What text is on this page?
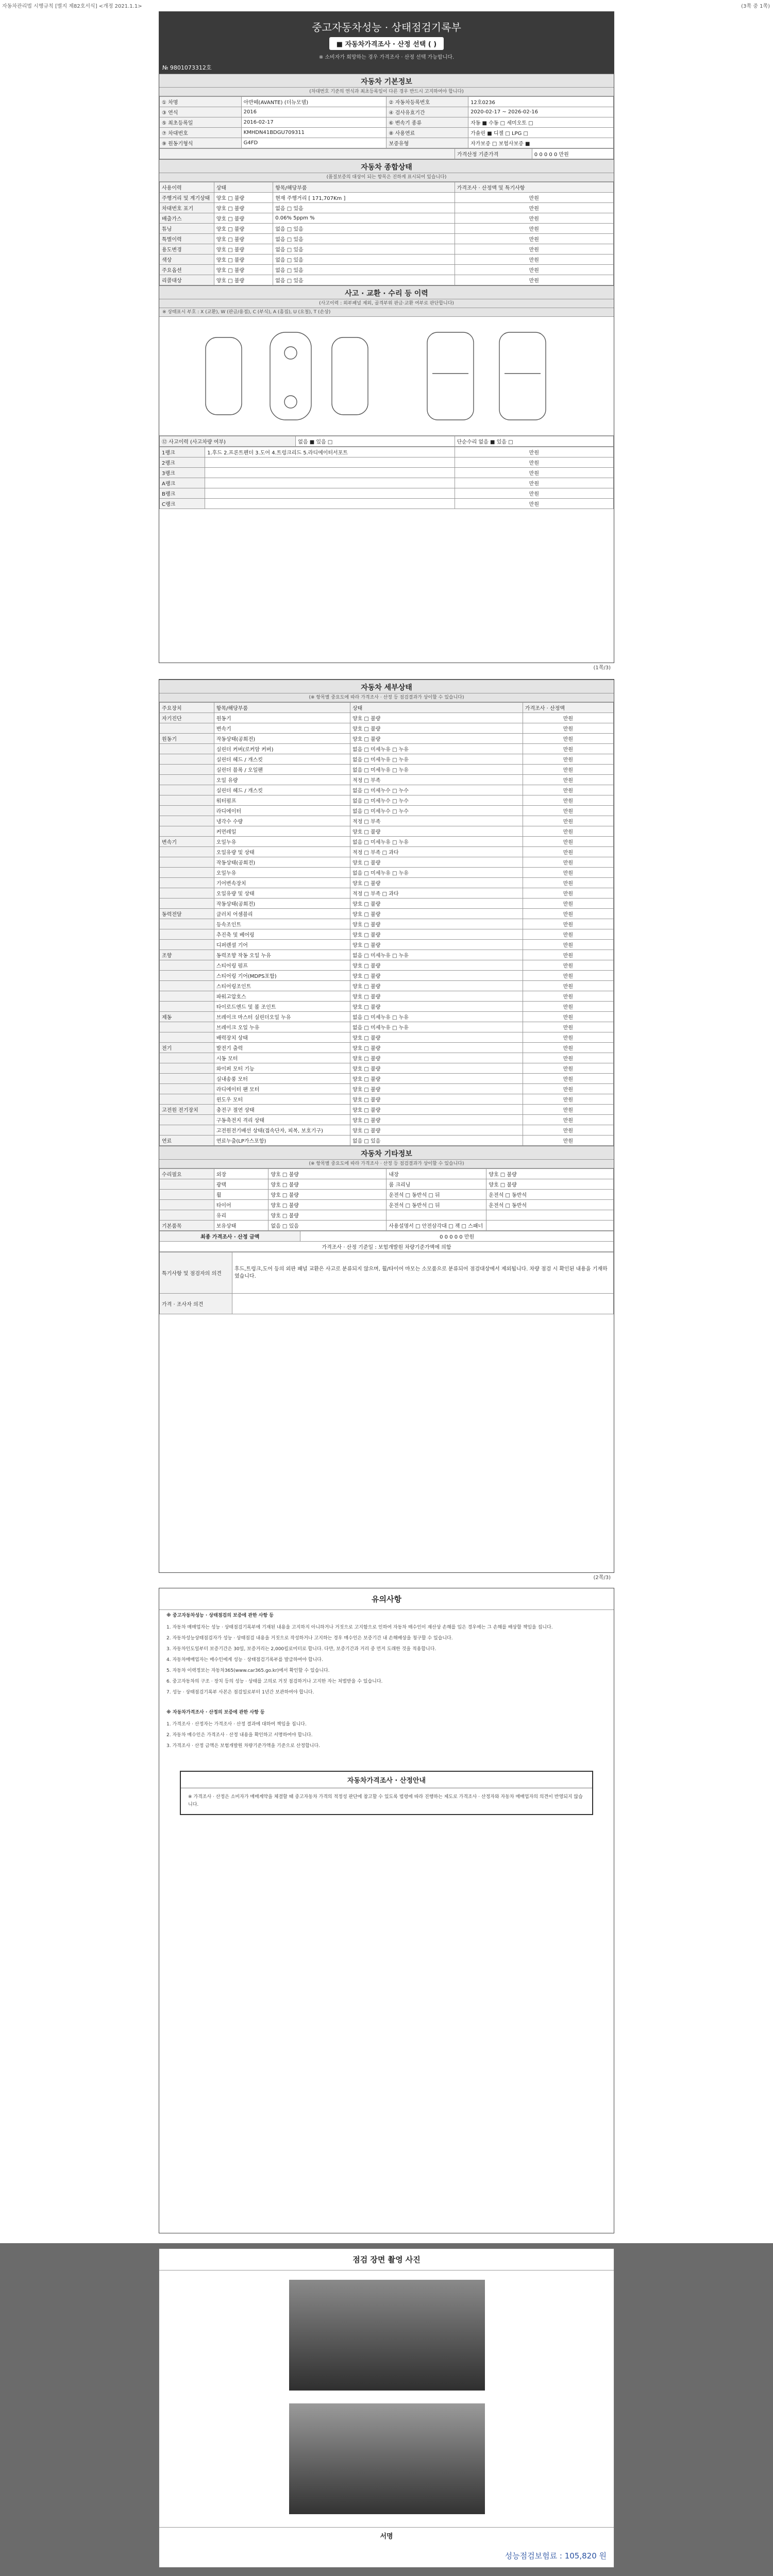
자동차관리법 시행규칙 [별지 제82호서식] <개정 2021.1.1>	(3쪽 중 1쪽)
중고자동차성능 · 상태점검기록부
■ 자동차가격조사 · 산정 선택 ( )
※ 소비자가 희망하는 경우 가격조사 · 산정 선택 가능합니다.
№ 9801073312호
자동차 기본정보
(차대번호 기준의 연식과 최초등록일이 다른 경우 반드시 고지하여야 합니다)
① 차명	아반떼(AVANTE) (더뉴모델)	② 자동차등록번호	12호0236
③ 연식	2016	④ 검사유효기간	2020-02-17 ~ 2026-02-16
⑤ 최초등록일	2016-02-17	⑥ 변속기 종류	자동 ■ 수동 □ 세미오토 □
⑦ 차대번호	KMHDN41BDGU709311	⑧ 사용연료	가솔린 ■ 디젤 □ LPG □
⑨ 원동기형식	G4FD	보증유형	자가보증 □ 보험사보증 ■
	가격산정 기준가격	0 0 0 0 0 만원
자동차 종합상태
(품질보증의 대상이 되는 항목은 진하게 표시되어 있습니다)
사용이력	상태	항목/해당부품	가격조사 · 산정액 및 특기사항
주행거리 및 계기상태	양호 □ 불량	현재 주행거리 [ 171,707Km ]	만원
차대번호 표기	양호 □ 불량	없음 □ 있음	만원
배출가스	양호 □ 불량	0.06% 5ppm %	만원
튜닝	양호 □ 불량	없음 □ 있음	만원
특별이력	양호 □ 불량	없음 □ 있음	만원
용도변경	양호 □ 불량	없음 □ 있음	만원
색상	양호 □ 불량	없음 □ 있음	만원
주요옵션	양호 □ 불량	없음 □ 있음	만원
리콜대상	양호 □ 불량	없음 □ 있음	만원
사고 · 교환 · 수리 등 이력
(사고이력 : 외부패널 제외, 골격부위 판금·교환 여부로 판단합니다)
※ 상태표시 부호 : X (교환), W (판금/용접), C (부식), A (흠집), U (요철), T (손상)
⑫ 사고이력 (사고차량 여부)	없음 ■ 있음 □	단순수리 없음 ■ 있음 □
1랭크	1.후드 2.프론트펜더 3.도어 4.트렁크리드 5.라디에이터서포트	만원
2랭크		만원
3랭크		만원
A랭크		만원
B랭크		만원
C랭크		만원
(1쪽/3)
자동차 세부상태
(※ 항목별 중요도에 따라 가격조사 · 산정 등 점검결과가 상이할 수 있습니다)
주요장치	항목/해당부품	상태	가격조사 · 산정액
자기진단	원동기	양호 □ 불량	만원
	변속기	양호 □ 불량	만원
원동기	작동상태(공회전)	양호 □ 불량	만원
	실린더 커버(로커암 커버)	없음 □ 미세누유 □ 누유	만원
	실린더 헤드 / 개스킷	없음 □ 미세누유 □ 누유	만원
	실린더 블록 / 오일팬	없음 □ 미세누유 □ 누유	만원
	오일 유량	적정 □ 부족	만원
	실린더 헤드 / 개스킷	없음 □ 미세누수 □ 누수	만원
	워터펌프	없음 □ 미세누수 □ 누수	만원
	라디에이터	없음 □ 미세누수 □ 누수	만원
	냉각수 수량	적정 □ 부족	만원
	커먼레일	양호 □ 불량	만원
변속기	오일누유	없음 □ 미세누유 □ 누유	만원
	오일유량 및 상태	적정 □ 부족 □ 과다	만원
	작동상태(공회전)	양호 □ 불량	만원
	오일누유	없음 □ 미세누유 □ 누유	만원
	기어변속장치	양호 □ 불량	만원
	오일유량 및 상태	적정 □ 부족 □ 과다	만원
	작동상태(공회전)	양호 □ 불량	만원
동력전달	클러치 어셈블리	양호 □ 불량	만원
	등속조인트	양호 □ 불량	만원
	추진축 및 베어링	양호 □ 불량	만원
	디퍼렌셜 기어	양호 □ 불량	만원
조향	동력조향 작동 오일 누유	없음 □ 미세누유 □ 누유	만원
	스티어링 펌프	양호 □ 불량	만원
	스티어링 기어(MDPS포함)	양호 □ 불량	만원
	스티어링조인트	양호 □ 불량	만원
	파워고압호스	양호 □ 불량	만원
	타이로드엔드 및 볼 조인트	양호 □ 불량	만원
제동	브레이크 마스터 실린더오일 누유	없음 □ 미세누유 □ 누유	만원
	브레이크 오일 누유	없음 □ 미세누유 □ 누유	만원
	배력장치 상태	양호 □ 불량	만원
전기	발전기 출력	양호 □ 불량	만원
	시동 모터	양호 □ 불량	만원
	와이퍼 모터 기능	양호 □ 불량	만원
	실내송풍 모터	양호 □ 불량	만원
	라디에이터 팬 모터	양호 □ 불량	만원
	윈도우 모터	양호 □ 불량	만원
고전원 전기장치	충전구 절연 상태	양호 □ 불량	만원
	구동축전지 격리 상태	양호 □ 불량	만원
	고전원전기배선 상태(접속단자, 피복, 보호기구)	양호 □ 불량	만원
연료	연료누출(LP가스포함)	없음 □ 있음	만원
자동차 기타정보
(※ 항목별 중요도에 따라 가격조사 · 산정 등 점검결과가 상이할 수 있습니다)
수리필요	외장	양호 □ 불량	내장	양호 □ 불량
	광택	양호 □ 불량	룸 크리닝	양호 □ 불량
	휠	양호 □ 불량	운전석 □ 동반석 □ 뒤	운전석 □ 동반석
	타이어	양호 □ 불량	운전석 □ 동반석 □ 뒤	운전석 □ 동반석
	유리	양호 □ 불량		
기본품목	보유상태	없음 □ 있음	사용설명서 □ 안전삼각대 □ 잭 □ 스패너	
최종 가격조사 · 산정 금액	0 0 0 0 0 만원
가격조사 · 산정 기준일 : 보험개발원 차량기준가액에 의함
특기사항 및 점검자의 의견	후드,트렁크,도어 등의 외판 패널 교환은 사고로 분류되지 않으며, 휠/타이어 마모는 소모품으로 분류되어 점검대상에서 제외됩니다. 차량 점검 시 확인된 내용을 기재하였습니다.
가격 · 조사자 의견	
(2쪽/3)
유의사항
※ 중고자동차성능 · 상태점검의 보증에 관한 사항 등
1. 자동차 매매업자는 성능 · 상태점검기록부에 기재된 내용을 고지하지 아니하거나 거짓으로 고지함으로 인하여 자동차 매수인이 재산상 손해를 입은 경우에는 그 손해를 배상할 책임을 집니다.
2. 자동차성능상태점검자가 성능 · 상태점검 내용을 거짓으로 작성하거나 고지하는 경우 매수인은 보증기간 내 손해배상을 청구할 수 있습니다.
3. 자동차인도일부터 보증기간은 30일, 보증거리는 2,000킬로미터로 합니다. 다만, 보증기간과 거리 중 먼저 도래한 것을 적용합니다.
4. 자동차매매업자는 매수인에게 성능 · 상태점검기록부를 발급하여야 합니다.
5. 자동차 이력정보는 자동차365(www.car365.go.kr)에서 확인할 수 있습니다.
6. 중고자동차의 구조 · 장치 등의 성능 · 상태를 고의로 거짓 점검하거나 고지한 자는 처벌받을 수 있습니다.
7. 성능 · 상태점검기록부 사본은 점검일로부터 1년간 보관하여야 합니다.
※ 자동차가격조사 · 산정의 보증에 관한 사항 등
1. 가격조사 · 산정자는 가격조사 · 산정 결과에 대하여 책임을 집니다.
2. 자동차 매수인은 가격조사 · 산정 내용을 확인하고 서명하여야 합니다.
3. 가격조사 · 산정 금액은 보험개발원 차량기준가액을 기준으로 산정합니다.
자동차가격조사 · 산정안내
※ 가격조사 · 산정은 소비자가 매매계약을 체결할 때 중고자동차 가격의 적정성 판단에 참고할 수 있도록 법령에 따라 진행하는 제도로 가격조사 · 산정자와 자동차 매매업자의 의견이 반영되지 않습니다.
점검 장면 촬영 사진
서명
성능점검보험료 : 105,820 원
